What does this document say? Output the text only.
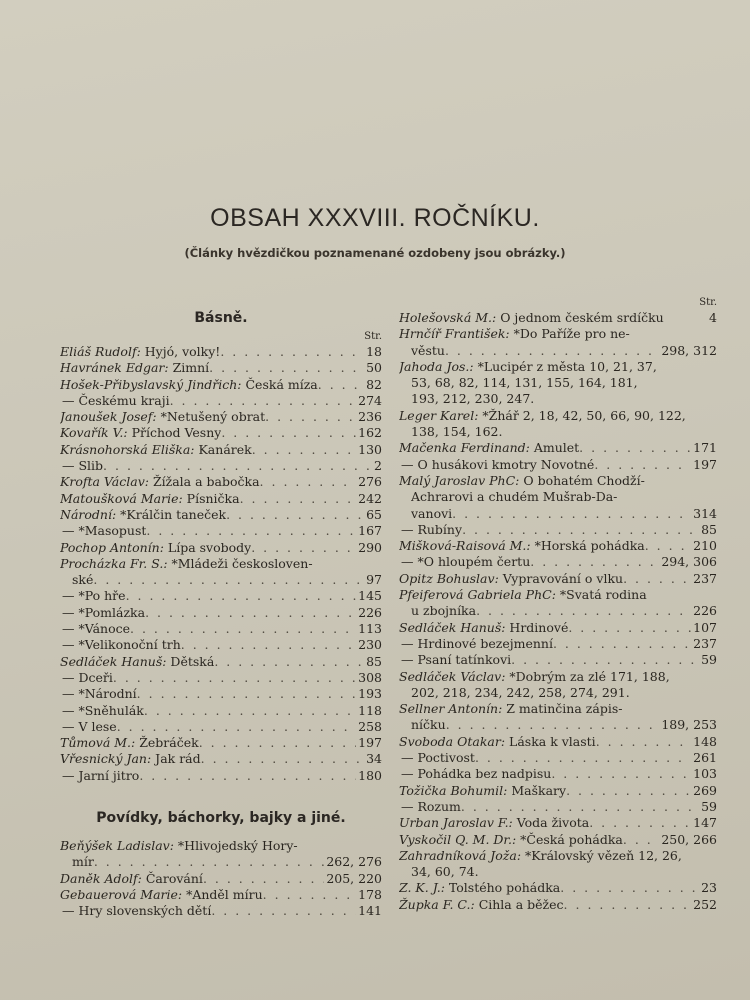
OBSAH XXXVIII. ROČNÍKU.
(Články hvězdičkou poznamenané ozdobeny jsou obrázky.)
Básně.
Str.
Eliáš Rudolf: Hyjó, volky! . . .	18
Havránek Edgar: Zimní . . .	50
Hošek-Přibyslavský Jindřich: Česká míza . . .	82
— Českému kraji . . .	274
Janoušek Josef: *Netušený obrat . . .	236
Kovařík V.: Příchod Vesny . . .	162
Krásnohorská Eliška: Kanárek . . .	130
— Slib . . .	2
Krofta Václav: Žížala a babočka . . .	276
Matoušková Marie: Písnička . . .	242
Národní: *Králčin taneček . . .	65
— *Masopust . . .	167
Pochop Antonín: Lípa svobody . . .	290
Procházka Fr. S.: *Mládeži českosloven-
ské . . .	97
— *Po hře . . .	145
— *Pomlázka . . .	226
— *Vánoce . . .	113
— *Velikonoční trh . . .	230
Sedláček Hanuš: Dětská . . .	85
— Dceři . . .	308
— *Národní . . .	193
— *Sněhulák . . .	118
— V lese . . .	258
Tůmová M.: Žebráček . . .	197
Vřesnický Jan: Jak rád . . .	34
— Jarní jitro . . .	180
Povídky, báchorky, bajky a jiné.
Beňýšek Ladislav: *Hlivojedský Hory-
mír . . .	262, 276
Daněk Adolf: Čarování . . .	205, 220
Gebauerová Marie: *Anděl míru . . .	178
— Hry slovenských dětí . . .	141
Str.
Holešovská M.: O jednom českém srdíčku	4
Hrnčíř František: *Do Paříže pro ne-
věstu . . .	298, 312
Jahoda Jos.: *Lucipér z města 10, 21, 37,
53, 68, 82, 114, 131, 155, 164, 181,
193, 212, 230, 247.
Leger Karel: *Žhář 2, 18, 42, 50, 66, 90, 122,
138, 154, 162.
Mačenka Ferdinand: Amulet . . .	171
— O husákovi kmotry Novotné . . .	197
Malý Jaroslav PhC: O bohatém Chodží-
Achrarovi a chudém Mušrab-Da-
vanovi . . .	314
— Rubíny . . .	85
Mišková-Raisová M.: *Horská pohádka . . .	210
— *O hloupém čertu . . .	294, 306
Opitz Bohuslav: Vypravování o vlku . . .	237
Pfeiferová Gabriela PhC: *Svatá rodina
u zbojníka . . .	226
Sedláček Hanuš: Hrdinové . . .	107
— Hrdinové bezejmenní . . .	237
— Psaní tatínkovi . . .	59
Sedláček Václav: *Dobrým za zlé 171, 188,
202, 218, 234, 242, 258, 274, 291.
Sellner Antonín: Z matinčina zápis-
níčku . . .	189, 253
Svoboda Otakar: Láska k vlasti . . .	148
— Poctivost . . .	261
— Pohádka bez nadpisu . . .	103
Tožička Bohumil: Maškary . . .	269
— Rozum . . .	59
Urban Jaroslav F.: Voda života . . .	147
Vyskočil Q. M. Dr.: *Česká pohádka . . .	250, 266
Zahradníková Joža: *Královský vězeň 12, 26,
34, 60, 74.
Z. K. J.: Tolstého pohádka . . .	23
Župka F. C.: Cihla a běžec . . .	252
